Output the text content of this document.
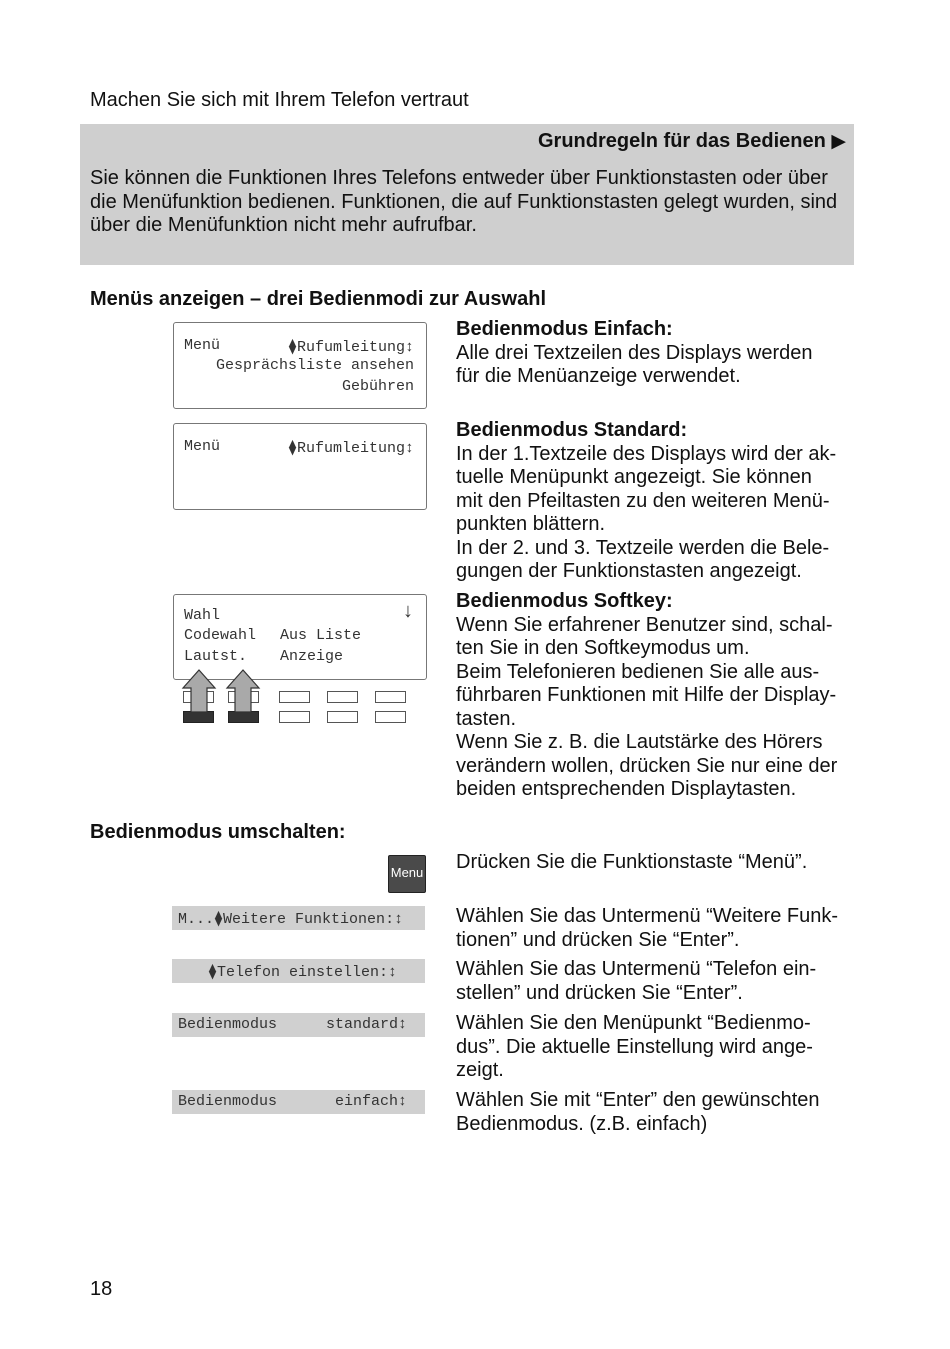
Machen Sie sich mit Ihrem Telefon vertraut
Grundregeln für das Bedienen ▶
Sie können die Funktionen Ihres Telefons entweder über Funktionstasten oder über die Menüfunktion bedienen. Funktionen, die auf Funktionstasten gelegt wurden, sind über die Menüfunktion nicht mehr aufrufbar.
Menüs anzeigen – drei Bedienmodi zur Auswahl
Menü	⧫Rufumleitung↕
Gesprächsliste ansehen
Gebühren
Menü	⧫Rufumleitung↕
Wahl	↓
Codewahl Aus Liste
Lautst. Anzeige
Bedienmodus Einfach:
Alle drei Textzeilen des Displays werden
für die Menüanzeige verwendet.
Bedienmodus Standard:
In der 1.Textzeile des Displays wird der ak-
tuelle Menüpunkt angezeigt. Sie können
mit den Pfeiltasten zu den weiteren Menü-
punkten blättern.
In der 2. und 3. Textzeile werden die Bele-
gungen der Funktionstasten angezeigt.
Bedienmodus Softkey:
Wenn Sie erfahrener Benutzer sind, schal-
ten Sie in den Softkeymodus um.
Beim Telefonieren bedienen Sie alle aus-
führbaren Funktionen mit Hilfe der Display-
tasten.
Wenn Sie z. B. die Lautstärke des Hörers
verändern wollen, drücken Sie nur eine der
beiden entsprechenden Displaytasten.
Bedienmodus umschalten:
Menu Drücken Sie die Funktionstaste “Menü”.
M...⧫Weitere Funktionen:↕	Wählen Sie das Untermenü “Weitere Funk-
tionen” und drücken Sie “Enter”.
⧫Telefon einstellen:↕	Wählen Sie das Untermenü “Telefon ein-
stellen” und drücken Sie “Enter”.
Bedienmodus	standard↕ Wählen Sie den Menüpunkt “Bedienmo-
dus”. Die aktuelle Einstellung wird ange-
zeigt.
Bedienmodus	einfach↕ Wählen Sie mit “Enter” den gewünschten
Bedienmodus. (z.B. einfach)
18
